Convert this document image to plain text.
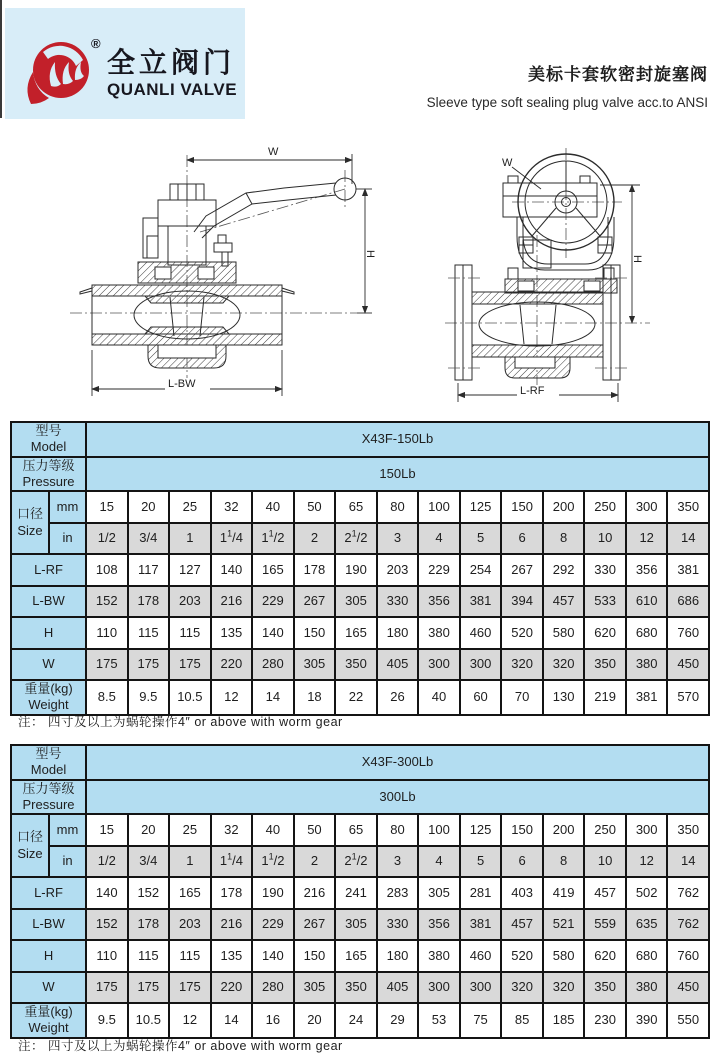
®
全立阀门
QUANLI VALVE
美标卡套软密封旋塞阀
Sleeve type soft sealing plug valve acc.to ANSI
W
L-BW
H
W
L-RF
H
型号
Model		X43F-150Lb														
压力等级
Pressure		150Lb														
口径
Size	mm	15	20	25	32	40	50	65	80	100	125	150	200	250	300	350
	in	1/2	3/4	1	$1^1/4$	$1^1/2$	2	$2^1/2$	3	4	5	6	8	10	12	14
L-RF		108	117	127	140	165	178	190	203	229	254	267	292	330	356	381
L-BW		152	178	203	216	229	267	305	330	356	381	394	457	533	610	686
H		110	115	115	135	140	150	165	180	380	460	520	580	620	680	760
W		175	175	175	220	280	305	350	405	300	300	320	320	350	380	450
重量(kg)
Weight		8.5	9.5	10.5	12	14	18	22	26	40	60	70	130	219	381	570
注： 四寸及以上为蜗轮操作4″ or above with worm gear
型号
Model		X43F-300Lb														
压力等级
Pressure		300Lb														
口径
Size	mm	15	20	25	32	40	50	65	80	100	125	150	200	250	300	350
	in	1/2	3/4	1	$1^1/4$	$1^1/2$	2	$2^1/2$	3	4	5	6	8	10	12	14
L-RF		140	152	165	178	190	216	241	283	305	281	403	419	457	502	762
L-BW		152	178	203	216	229	267	305	330	356	381	457	521	559	635	762
H		110	115	115	135	140	150	165	180	380	460	520	580	620	680	760
W		175	175	175	220	280	305	350	405	300	300	320	320	350	380	450
重量(kg)
Weight		9.5	10.5	12	14	16	20	24	29	53	75	85	185	230	390	550
注： 四寸及以上为蜗轮操作4″ or above with worm gear
